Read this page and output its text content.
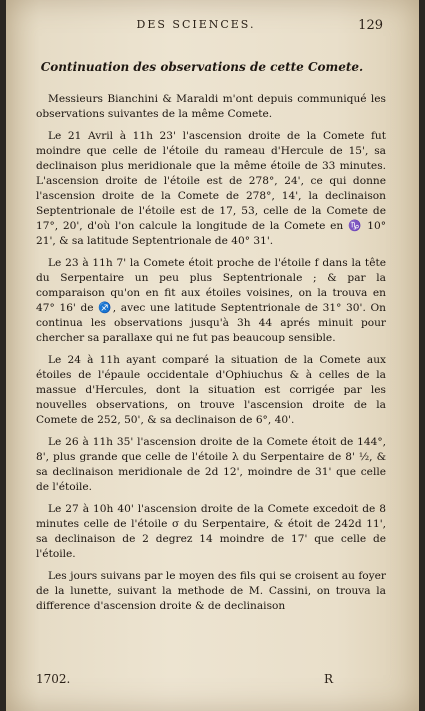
DES SCIENCES.	129
Continuation des observations de cette Comete.

Messieurs Bianchini & Maraldi m'ont depuis communiqué les observations suivantes de la même Comete.

Le 21 Avril à 11h 23' l'ascension droite de la Comete fut moindre que celle de l'étoile du rameau d'Hercule de 15', sa declinaison plus meridionale que la même étoile de 33 minutes. L'ascension droite de l'étoile est de 278°, 24', ce qui donne l'ascension droite de la Comete de 278°, 14', la declinaison Septentrionale de l'étoile est de 17, 53, celle de la Comete de 17°, 20', d'où l'on calcule la longitude de la Comete en ♑ 10° 21', & sa latitude Septentrionale de 40° 31'.

Le 23 à 11h 7' la Comete étoit proche de l'étoile f dans la tête du Serpentaire un peu plus Septentrionale ; & par la comparaison qu'on en fit aux étoiles voisines, on la trouva en 47° 16' de ♐, avec une latitude Septentrionale de 31° 30'. On continua les observations jusqu'à 3h 44 aprés minuit pour chercher sa parallaxe qui ne fut pas beaucoup sensible.

Le 24 à 11h ayant comparé la situation de la Comete aux étoiles de l'épaule occidentale d'Ophiuchus & à celles de la massue d'Hercules, dont la situation est corrigée par les nouvelles observations, on trouve l'ascension droite de la Comete de 252, 50', & sa declinaison de 6°, 40'.

Le 26 à 11h 35' l'ascension droite de la Comete étoit de 144°, 8', plus grande que celle de l'étoile λ du Serpentaire de 8' ½, & sa declinaison meridionale de 2d 12', moindre de 31' que celle de l'étoile.

Le 27 à 10h 40' l'ascension droite de la Comete excedoit de 8 minutes celle de l'étoile σ du Serpentaire, & étoit de 242d 11', sa declinaison de 2 degrez 14 moindre de 17' que celle de l'étoile.

Les jours suivans par le moyen des fils qui se croisent au foyer de la lunette, suivant la methode de M. Cassini, on trouva la difference d'ascension droite & de declinaison

1702.	R
